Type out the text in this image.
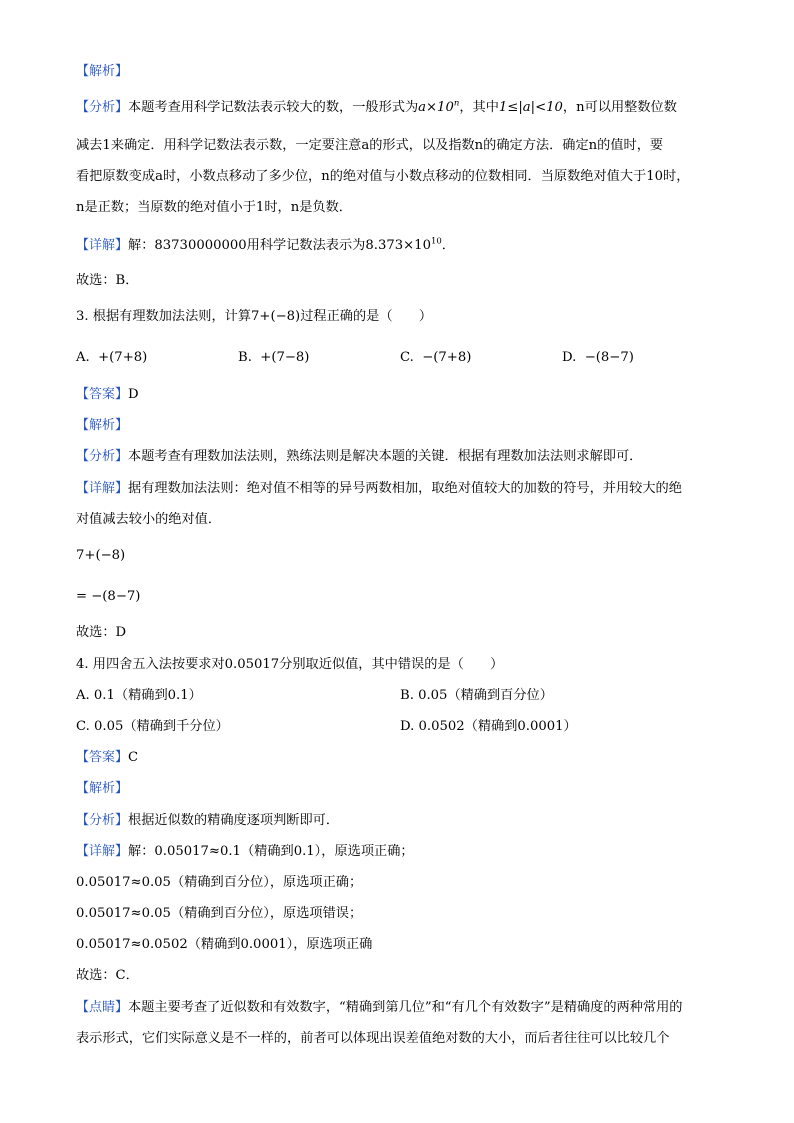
【解析】
【分析】本题考查用科学记数法表示较大的数，一般形式为$a\times 10^n$，其中1≤|a|<10，n可以用整数位数
减去1来确定．用科学记数法表示数，一定要注意a的形式，以及指数n的确定方法．确定n的值时，要
看把原数变成a时，小数点移动了多少位，n的绝对值与小数点移动的位数相同．当原数绝对值大于10时，
n是正数；当原数的绝对值小于1时，n是负数．
【详解】解：83730000000用科学记数法表示为$8.373\times 10^{10}$．
故选：B．
3. 根据有理数加法法则，计算7+(−8)过程正确的是（　　）
A. +(7+8)	B. +(7−8)	C. −(7+8)	D. −(8−7)
【答案】D
【解析】
【分析】本题考查有理数加法法则，熟练法则是解决本题的关键．根据有理数加法法则求解即可．
【详解】据有理数加法法则：绝对值不相等的异号两数相加，取绝对值较大的加数的符号，并用较大的绝
对值减去较小的绝对值．
7+(−8)
= −(8−7)
故选：D
4. 用四舍五入法按要求对0.05017分别取近似值，其中错误的是（　　）
A. 0.1（精确到0.1）	B. 0.05（精确到百分位）
C. 0.05（精确到千分位）	D. 0.0502（精确到0.0001）
【答案】C
【解析】
【分析】根据近似数的精确度逐项判断即可．
【详解】解：0.05017≈0.1（精确到0.1），原选项正确；
0.05017≈0.05（精确到百分位），原选项正确；
0.05017≈0.05（精确到百分位），原选项错误；
0.05017≈0.0502（精确到0.0001），原选项正确
故选：C．
【点睛】本题主要考查了近似数和有效数字，“精确到第几位”和“有几个有效数字”是精确度的两种常用的
表示形式，它们实际意义是不一样的，前者可以体现出误差值绝对数的大小，而后者往往可以比较几个
